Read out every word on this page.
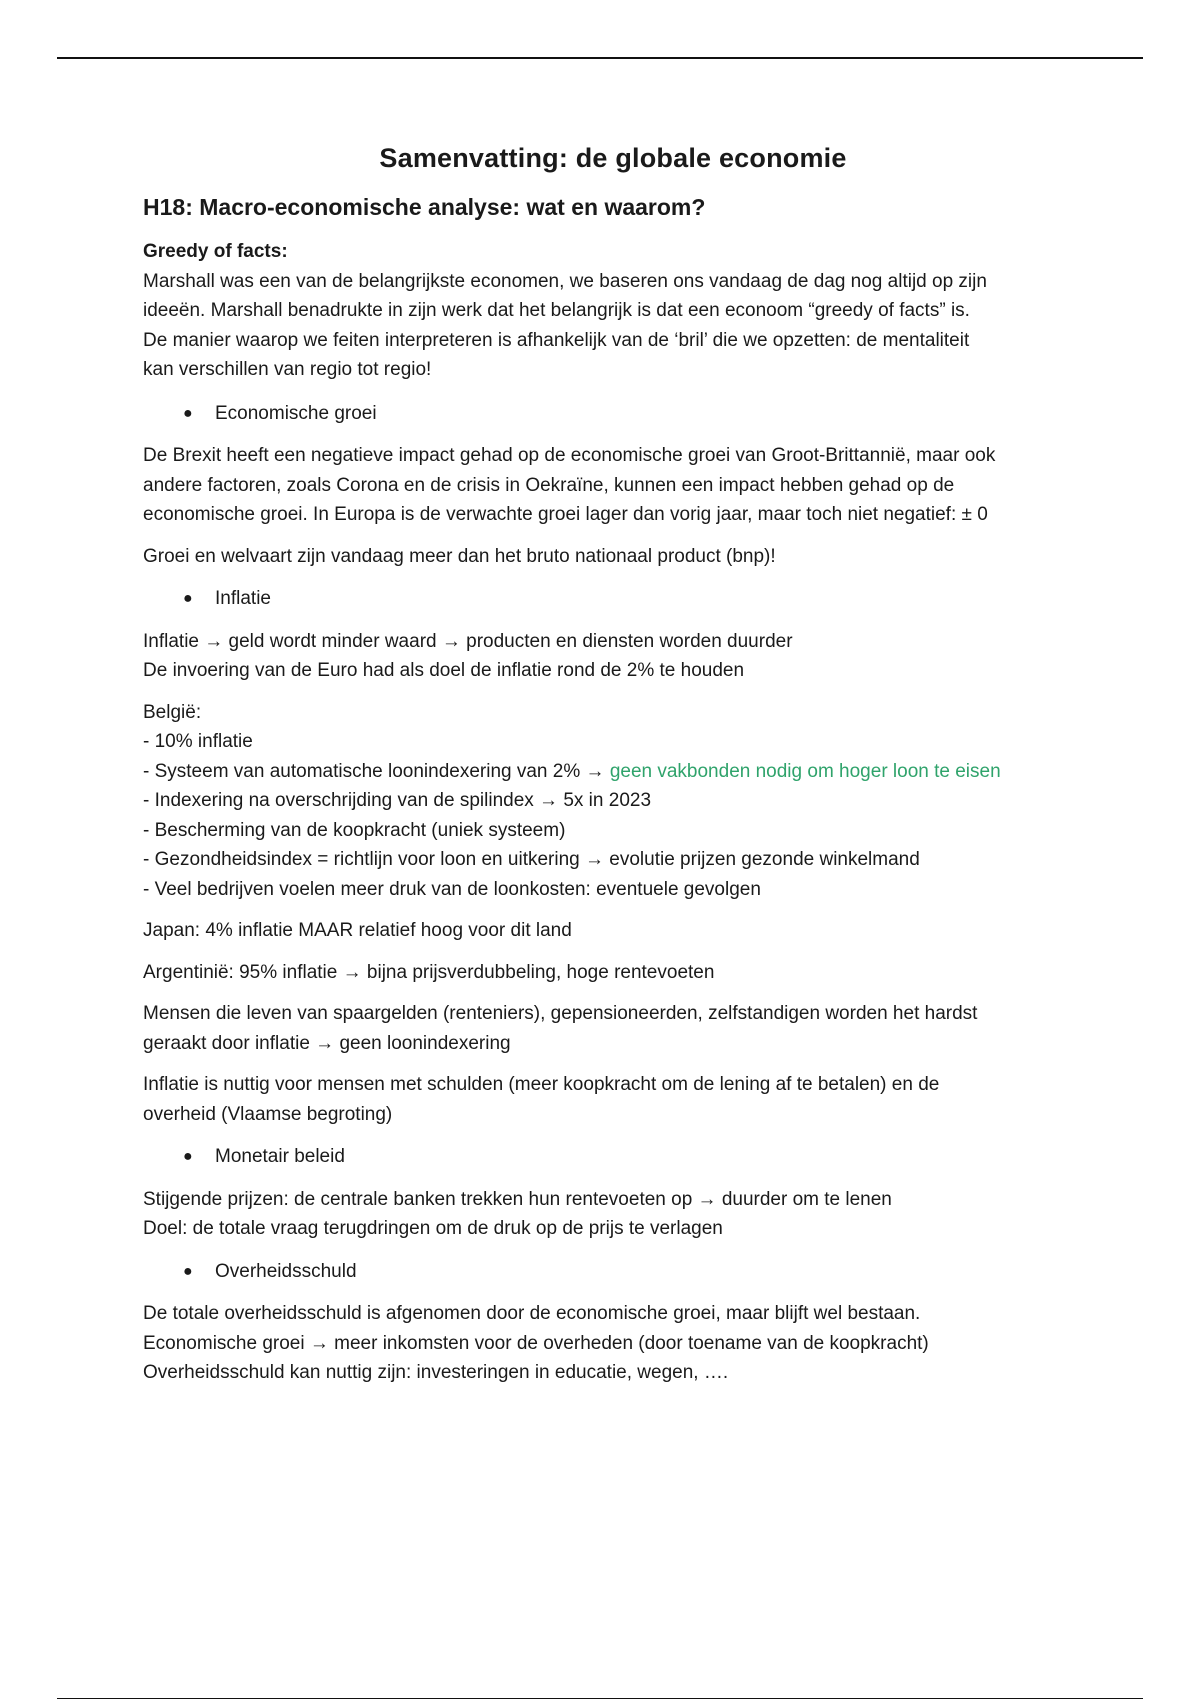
Samenvatting: de globale economie
H18: Macro-economische analyse: wat en waarom?

Greedy of facts:

Marshall was een van de belangrijkste economen, we baseren ons vandaag de dag nog altijd op zijn
ideeën. Marshall benadrukte in zijn werk dat het belangrijk is dat een econoom “greedy of facts” is.
De manier waarop we feiten interpreteren is afhankelijk van de ‘bril’ die we opzetten: de mentaliteit
kan verschillen van regio tot regio!
● Economische groei
De Brexit heeft een negatieve impact gehad op de economische groei van Groot-Brittannië, maar ook
andere factoren, zoals Corona en de crisis in Oekraïne, kunnen een impact hebben gehad op de
economische groei. In Europa is de verwachte groei lager dan vorig jaar, maar toch niet negatief: ± 0

Groei en welvaart zijn vandaag meer dan het bruto nationaal product (bnp)!

● Inflatie
Inflatie → geld wordt minder waard → producten en diensten worden duurder
De invoering van de Euro had als doel de inflatie rond de 2% te houden
België:
- 10% inflatie
- Systeem van automatische loonindexering van 2% → geen vakbonden nodig om hoger loon te eisen
- Indexering na overschrijding van de spilindex → 5x in 2023
- Bescherming van de koopkracht (uniek systeem)
- Gezondheidsindex = richtlijn voor loon en uitkering → evolutie prijzen gezonde winkelmand
- Veel bedrijven voelen meer druk van de loonkosten: eventuele gevolgen

Japan: 4% inflatie MAAR relatief hoog voor dit land

Argentinië: 95% inflatie → bijna prijsverdubbeling, hoge rentevoeten

Mensen die leven van spaargelden (renteniers), gepensioneerden, zelfstandigen worden het hardst
geraakt door inflatie → geen loonindexering
Inflatie is nuttig voor mensen met schulden (meer koopkracht om de lening af te betalen) en de
overheid (Vlaamse begroting)
● Monetair beleid
Stijgende prijzen: de centrale banken trekken hun rentevoeten op → duurder om te lenen
Doel: de totale vraag terugdringen om de druk op de prijs te verlagen
● Overheidsschuld
De totale overheidsschuld is afgenomen door de economische groei, maar blijft wel bestaan.
Economische groei → meer inkomsten voor de overheden (door toename van de koopkracht)
Overheidsschuld kan nuttig zijn: investeringen in educatie, wegen, ….
